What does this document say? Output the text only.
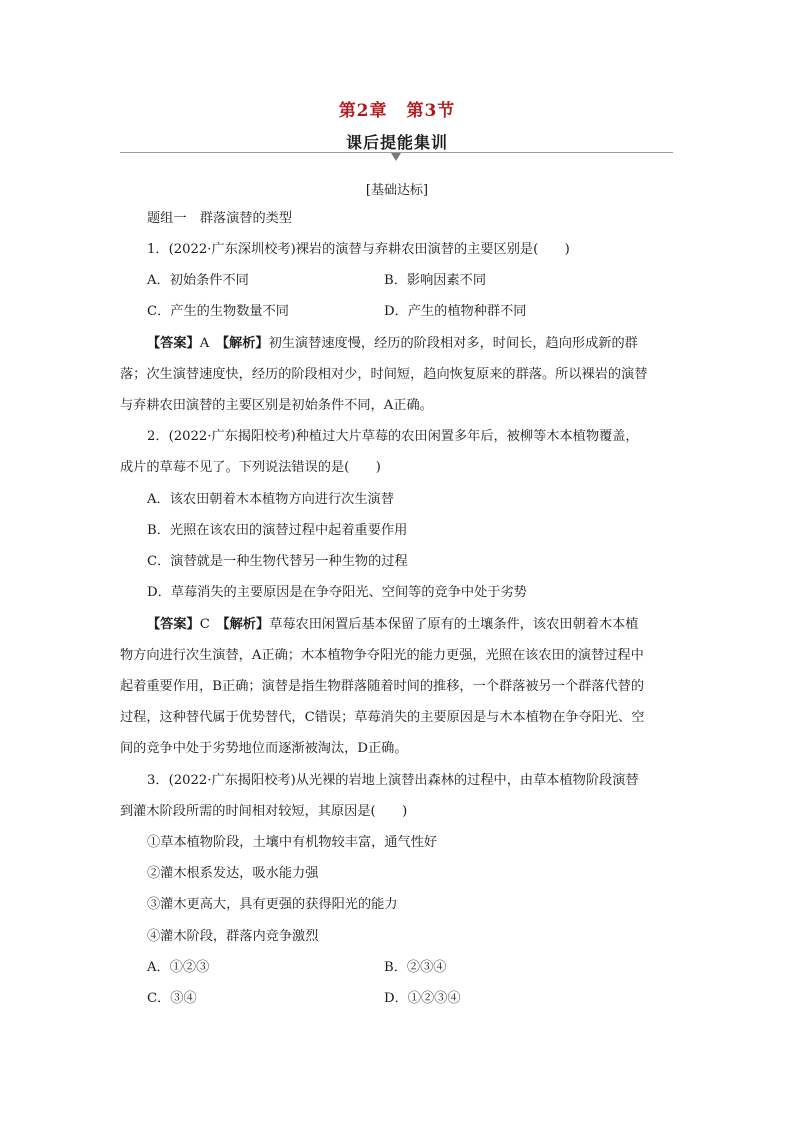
第2章 第3节
课后提能集训
[基础达标]
题组一　群落演替的类型
1．(2022·广东深圳校考)裸岩的演替与弃耕农田演替的主要区别是(　　)
A．初始条件不同	B．影响因素不同
C．产生的生物数量不同	D．产生的植物种群不同
【答案】A　 【解析】初生演替速度慢，经历的阶段相对多，时间长，趋向形成新的群
落；次生演替速度快，经历的阶段相对少，时间短，趋向恢复原来的群落。所以裸岩的演替
与弃耕农田演替的主要区别是初始条件不同，A正确。
2．(2022·广东揭阳校考)种植过大片草莓的农田闲置多年后，被柳等木本植物覆盖，
成片的草莓不见了。下列说法错误的是(　　)
A．该农田朝着木本植物方向进行次生演替
B．光照在该农田的演替过程中起着重要作用
C．演替就是一种生物代替另一种生物的过程
D．草莓消失的主要原因是在争夺阳光、空间等的竞争中处于劣势
【答案】C　 【解析】草莓农田闲置后基本保留了原有的土壤条件，该农田朝着木本植
物方向进行次生演替，A正确；木本植物争夺阳光的能力更强，光照在该农田的演替过程中
起着重要作用，B正确；演替是指生物群落随着时间的推移，一个群落被另一个群落代替的
过程，这种替代属于优势替代，C错误；草莓消失的主要原因是与木本植物在争夺阳光、空
间的竞争中处于劣势地位而逐渐被淘汰，D正确。
3．(2022·广东揭阳校考)从光裸的岩地上演替出森林的过程中，由草本植物阶段演替
到灌木阶段所需的时间相对较短，其原因是(　　)
①草本植物阶段，土壤中有机物较丰富，通气性好
②灌木根系发达，吸水能力强
③灌木更高大，具有更强的获得阳光的能力
④灌木阶段，群落内竞争激烈
A．①②③	B．②③④
C．③④	D．①②③④
